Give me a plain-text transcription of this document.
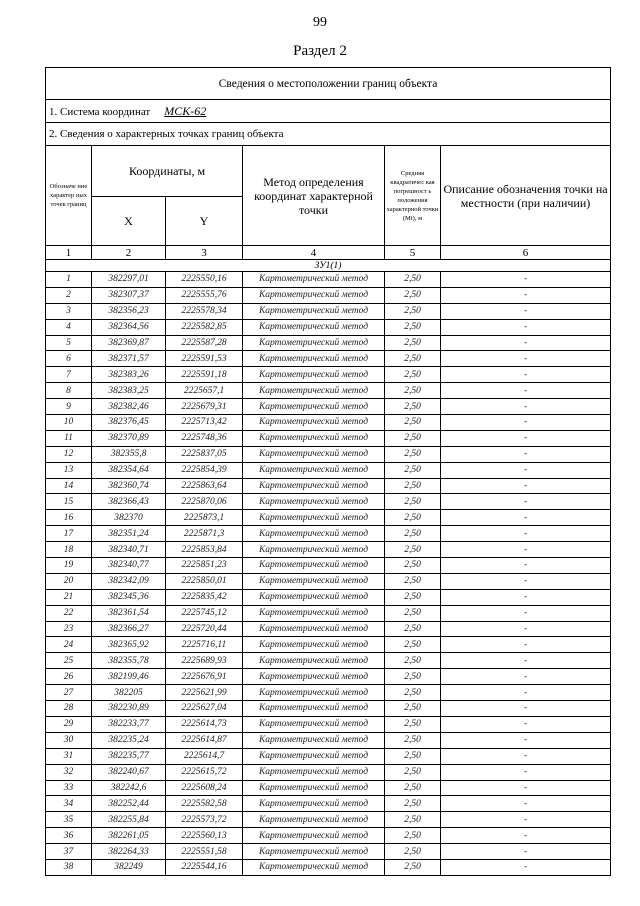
99
Раздел 2
Сведения о местоположении границ объекта					
1. Система координат МСК-62					
2. Сведения о характерных точках границ объекта					
Обозначе ние характер ных точек границ	Координаты, м		Метод определения координат характерной точки	Средняя квадратичес кая погрешност ь положения характерной точки (Mt), м	Описание обозначения точки на местности (при наличии)
	X	Y			
1	2	3	4	5	6
ЗУ1(1)					
1	382297,01	2225550,16	Картометрический метод	2,50	-
2	382307,37	2225555,76	Картометрический метод	2,50	-
3	382356,23	2225578,34	Картометрический метод	2,50	-
4	382364,56	2225582,85	Картометрический метод	2,50	-
5	382369,87	2225587,28	Картометрический метод	2,50	-
6	382371,57	2225591,53	Картометрический метод	2,50	-
7	382383,26	2225591,18	Картометрический метод	2,50	-
8	382383,25	2225657,1	Картометрический метод	2,50	-
9	382382,46	2225679,31	Картометрический метод	2,50	-
10	382376,45	2225713,42	Картометрический метод	2,50	-
11	382370,89	2225748,36	Картометрический метод	2,50	-
12	382355,8	2225837,05	Картометрический метод	2,50	-
13	382354,64	2225854,39	Картометрический метод	2,50	-
14	382360,74	2225863,64	Картометрический метод	2,50	-
15	382366,43	2225870,06	Картометрический метод	2,50	-
16	382370	2225873,1	Картометрический метод	2,50	-
17	382351,24	2225871,3	Картометрический метод	2,50	-
18	382340,71	2225853,84	Картометрический метод	2,50	-
19	382340,77	2225851,23	Картометрический метод	2,50	-
20	382342,09	2225850,01	Картометрический метод	2,50	-
21	382345,36	2225835,42	Картометрический метод	2,50	-
22	382361,54	2225745,12	Картометрический метод	2,50	-
23	382366,27	2225720,44	Картометрический метод	2,50	-
24	382365,92	2225716,11	Картометрический метод	2,50	-
25	382355,78	2225689,93	Картометрический метод	2,50	-
26	382199,46	2225676,91	Картометрический метод	2,50	-
27	382205	2225621,99	Картометрический метод	2,50	-
28	382230,89	2225627,04	Картометрический метод	2,50	-
29	382233,77	2225614,73	Картометрический метод	2,50	-
30	382235,24	2225614,87	Картометрический метод	2,50	-
31	382235,77	2225614,7	Картометрический метод	2,50	-
32	382240,67	2225615,72	Картометрический метод	2,50	-
33	382242,6	2225608,24	Картометрический метод	2,50	-
34	382252,44	2225582,58	Картометрический метод	2,50	-
35	382255,84	2225573,72	Картометрический метод	2,50	-
36	382261,05	2225560,13	Картометрический метод	2,50	-
37	382264,33	2225551,58	Картометрический метод	2,50	-
38	382249	2225544,16	Картометрический метод	2,50	-
